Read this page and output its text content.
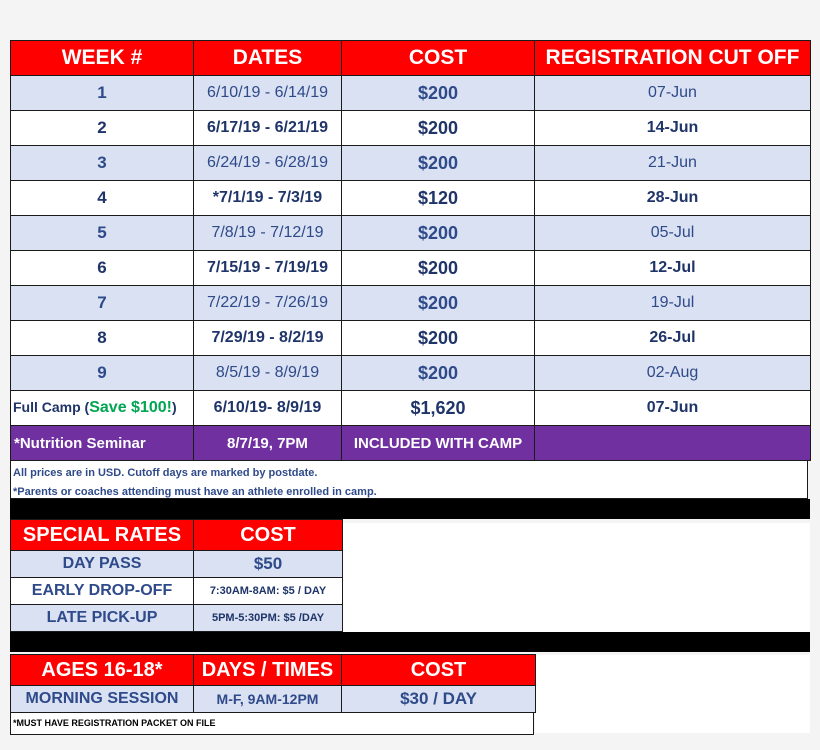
WEEK #	DATES	COST	REGISTRATION CUT OFF
1	6/10/19 - 6/14/19	$200	07-Jun
2	6/17/19 - 6/21/19	$200	14-Jun
3	6/24/19 - 6/28/19	$200	21-Jun
4	*7/1/19 - 7/3/19	$120	28-Jun
5	7/8/19 - 7/12/19	$200	05-Jul
6	7/15/19 - 7/19/19	$200	12-Jul
7	7/22/19 - 7/26/19	$200	19-Jul
8	7/29/19 - 8/2/19	$200	26-Jul
9	8/5/19 - 8/9/19	$200	02-Aug
Full Camp (Save $100!)	6/10/19- 8/9/19	$1,620	07-Jun
*Nutrition Seminar	8/7/19, 7PM	INCLUDED WITH CAMP	
All prices are in USD. Cutoff days are marked by postdate.
*Parents or coaches attending must have an athlete enrolled in camp.
SPECIAL RATES	COST
DAY PASS	$50
EARLY DROP-OFF	7:30AM-8AM: $5 / DAY
LATE PICK-UP	5PM-5:30PM: $5 /DAY
AGES 16-18*	DAYS / TIMES	COST
MORNING SESSION	M-F, 9AM-12PM	$30 / DAY
*MUST HAVE REGISTRATION PACKET ON FILE
